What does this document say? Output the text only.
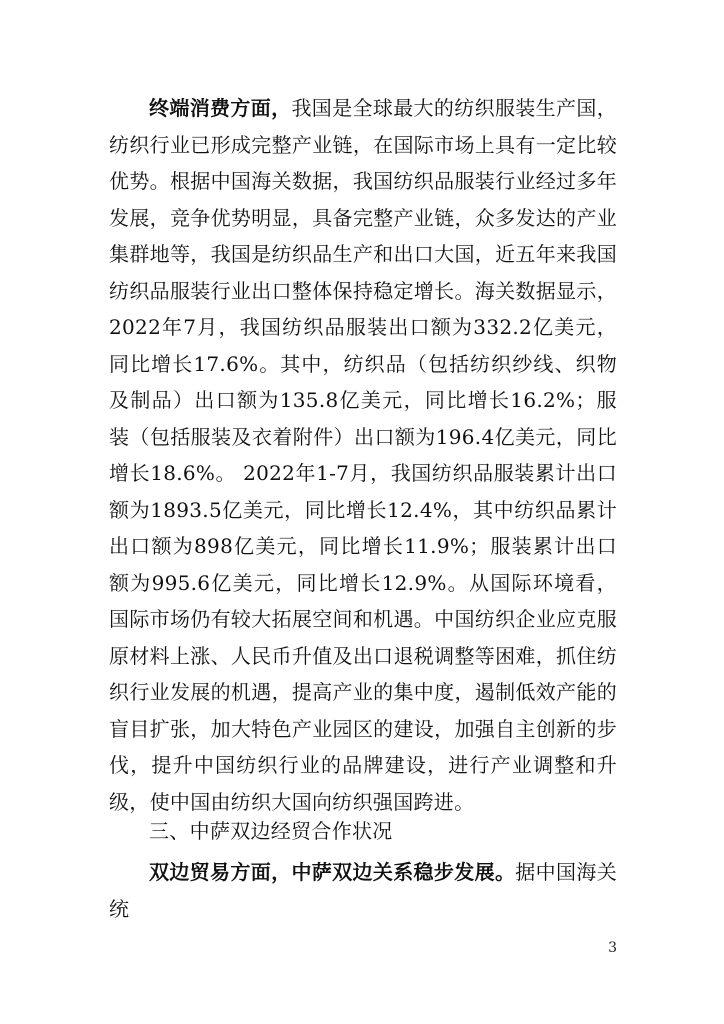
终端消费方面，我国是全球最大的纺织服装生产国，纺织行业已形成完整产业链，在国际市场上具有一定比较优势。根据中国海关数据，我国纺织品服装行业经过多年发展，竞争优势明显，具备完整产业链，众多发达的产业集群地等，我国是纺织品生产和出口大国，近五年来我国纺织品服装行业出口整体保持稳定增长。海关数据显示，2022年7月，我国纺织品服装出口额为332.2亿美元，同比增长17.6%。其中，纺织品（包括纺织纱线、织物及制品）出口额为135.8亿美元，同比增长16.2%；服装（包括服装及衣着附件）出口额为196.4亿美元，同比增长18.6%。 2022年1-7月，我国纺织品服装累计出口额为1893.5亿美元，同比增长12.4%，其中纺织品累计出口额为898亿美元，同比增长11.9%；服装累计出口额为995.6亿美元，同比增长12.9%。从国际环境看，国际市场仍有较大拓展空间和机遇。中国纺织企业应克服原材料上涨、人民币升值及出口退税调整等困难，抓住纺织行业发展的机遇，提高产业的集中度，遏制低效产能的盲目扩张，加大特色产业园区的建设，加强自主创新的步伐，提升中国纺织行业的品牌建设，进行产业调整和升级，使中国由纺织大国向纺织强国跨进。

三、中萨双边经贸合作状况

双边贸易方面，中萨双边关系稳步发展。据中国海关统

3
